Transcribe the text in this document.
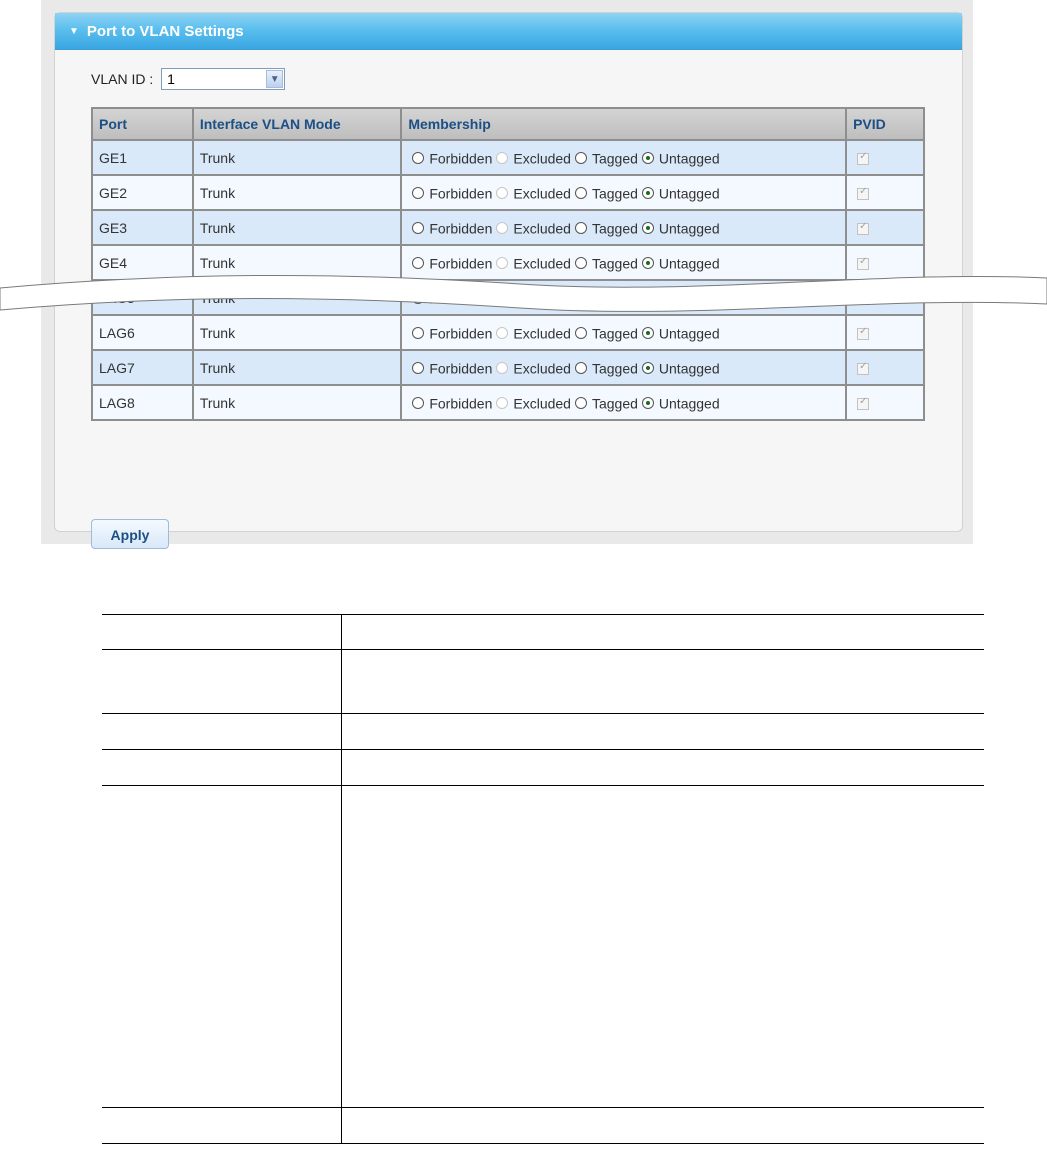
▼ Port to VLAN Settings
VLAN ID : 1	▼
Port	Interface VLAN Mode	Membership	PVID
GE1	Trunk	Forbidden Excluded Tagged Untagged	✓
GE2	Trunk	Forbidden Excluded Tagged Untagged	✓
GE3	Trunk	Forbidden Excluded Tagged Untagged	✓
GE4	Trunk	Forbidden Excluded Tagged Untagged	✓
			✓
LAG6	Trunk	Forbidden Excluded Tagged Untagged	✓
LAG7	Trunk	Forbidden Excluded Tagged Untagged	✓
LAG8	Trunk	Forbidden Excluded Tagged Untagged	✓
Apply
